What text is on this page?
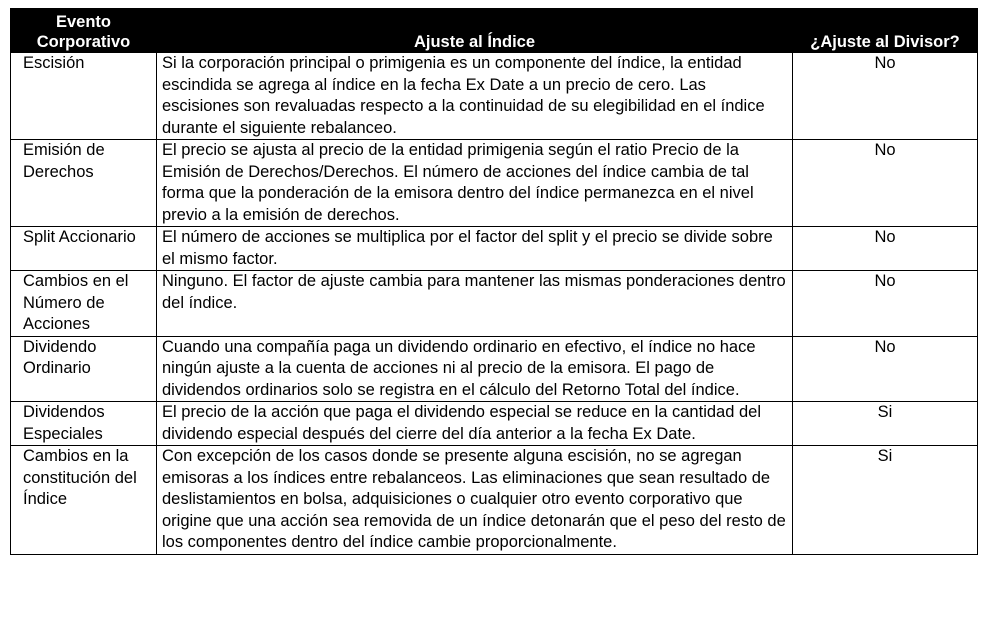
Evento Corporativo	Ajuste al Índice	¿Ajuste al Divisor?
Escisión	Si la corporación principal o primigenia es un componente del índice, la entidad escindida se agrega al índice en la fecha Ex Date a un precio de cero. Las escisiones son revaluadas respecto a la continuidad de su elegibilidad en el índice durante el siguiente rebalanceo.	No
Emisión de Derechos	El precio se ajusta al precio de la entidad primigenia según el ratio Precio de la Emisión de Derechos/Derechos. El número de acciones del índice cambia de tal forma que la ponderación de la emisora dentro del índice permanezca en el nivel previo a la emisión de derechos.	No
Split Accionario	El número de acciones se multiplica por el factor del split y el precio se divide sobre el mismo factor.	No
Cambios en el Número de Acciones	Ninguno. El factor de ajuste cambia para mantener las mismas ponderaciones dentro del índice.	No
Dividendo Ordinario	Cuando una compañía paga un dividendo ordinario en efectivo, el índice no hace ningún ajuste a la cuenta de acciones ni al precio de la emisora. El pago de dividendos ordinarios solo se registra en el cálculo del Retorno Total del índice.	No
Dividendos Especiales	El precio de la acción que paga el dividendo especial se reduce en la cantidad del dividendo especial después del cierre del día anterior a la fecha Ex Date.	Si
Cambios en la constitución del Índice	Con excepción de los casos donde se presente alguna escisión, no se agregan emisoras a los índices entre rebalanceos. Las eliminaciones que sean resultado de deslistamientos en bolsa, adquisiciones o cualquier otro evento corporativo que origine que una acción sea removida de un índice detonarán que el peso del resto de los componentes dentro del índice cambie proporcionalmente.	Si
